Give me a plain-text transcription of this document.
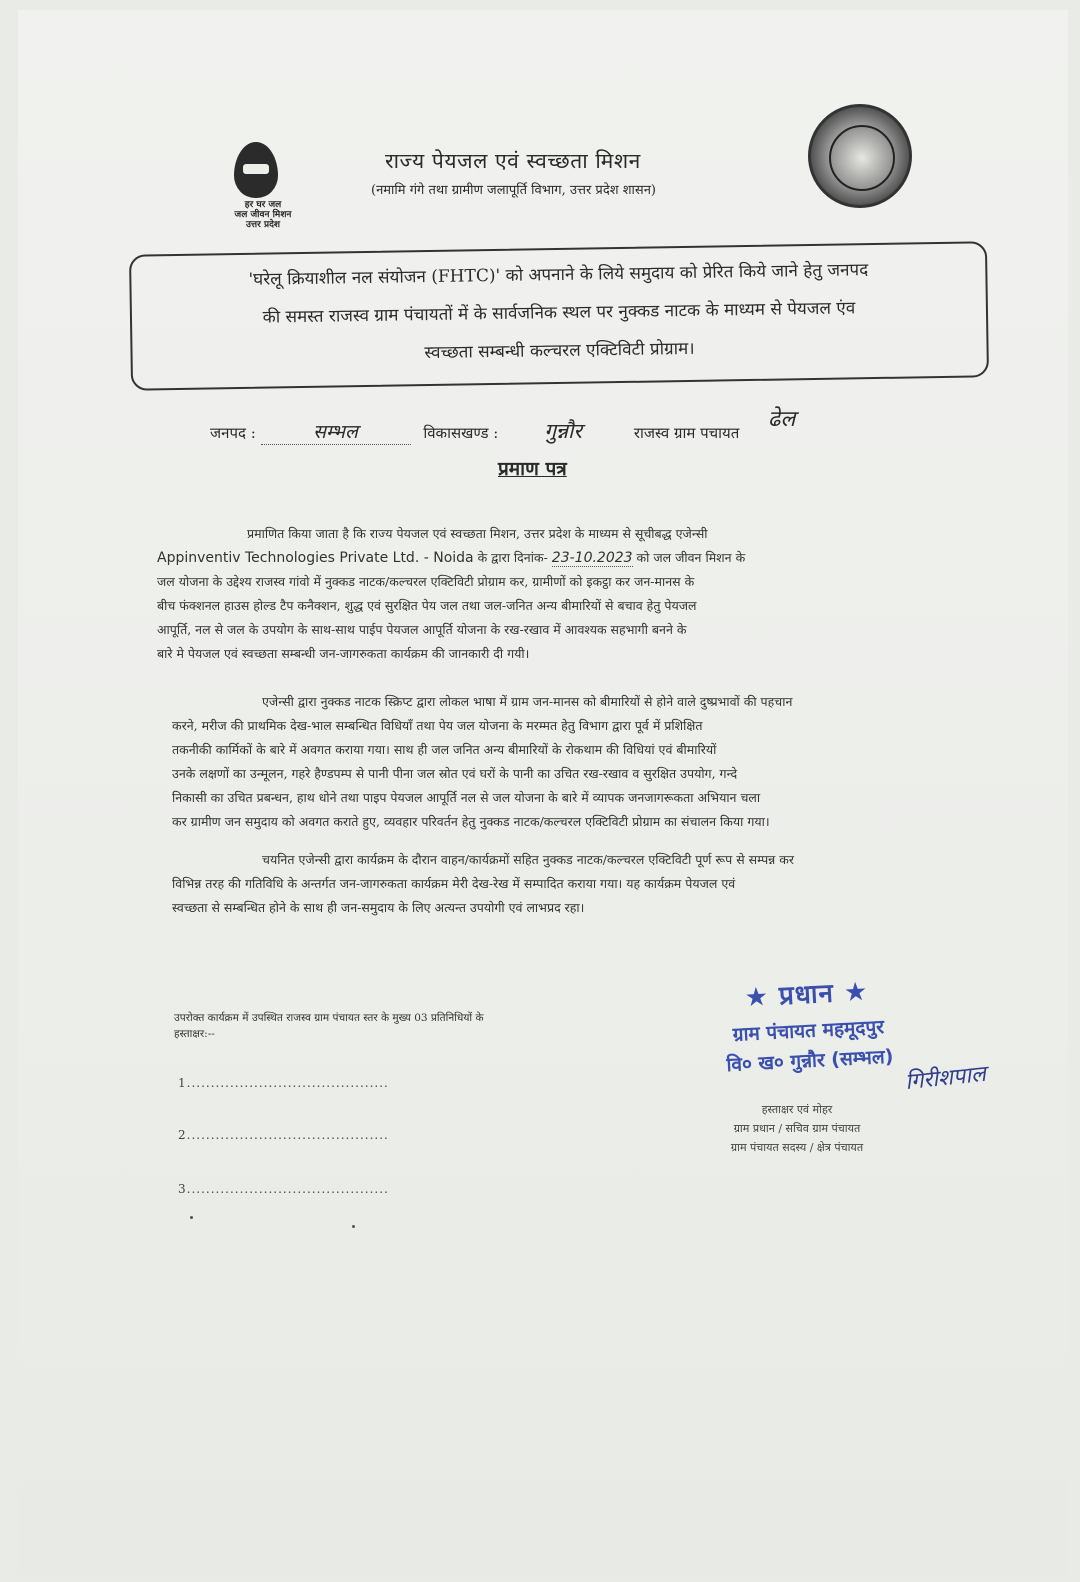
हर घर जल
जल जीवन मिशन
उत्तर प्रदेश
राज्य पेयजल एवं स्वच्छता मिशन
(नमामि गंगे तथा ग्रामीण जलापूर्ति विभाग, उत्तर प्रदेश शासन)
'घरेलू क्रियाशील नल संयोजन (FHTC)' को अपनाने के लिये समुदाय को प्रेरित किये जाने हेतु जनपद
की समस्त राजस्व ग्राम पंचायतों में के सार्वजनिक स्थल पर नुक्कड नाटक के माध्यम से पेयजल एंव
स्वच्छता सम्बन्धी कल्चरल एक्टिविटी प्रोग्राम।
जनपद :	सम्भल	विकासखण्ड : गुन्नौर	राजस्व ग्राम पचायत ढेल
प्रमाण पत्र
प्रमाणित किया जाता है कि राज्य पेयजल एवं स्वच्छता मिशन, उत्तर प्रदेश के माध्यम से सूचीबद्ध एजेन्सी
Appinventiv Technologies Private Ltd. - Noida के द्वारा दिनांक- 23-10.2023 को जल जीवन मिशन के
जल योजना के उद्देश्य राजस्व गांवो में नुक्कड नाटक/कल्चरल एक्टिविटी प्रोग्राम कर, ग्रामीणों को इकट्ठा कर जन-मानस के
बीच फंक्शनल हाउस होल्ड टैप कनैक्शन, शुद्ध एवं सुरक्षित पेय जल तथा जल-जनित अन्य बीमारियों से बचाव हेतु पेयजल
आपूर्ति, नल से जल के उपयोग के साथ-साथ पाईप पेयजल आपूर्ति योजना के रख-रखाव में आवश्यक सहभागी बनने के
बारे मे पेयजल एवं स्वच्छता सम्बन्धी जन-जागरुकता कार्यक्रम की जानकारी दी गयी।
एजेन्सी द्वारा नुक्कड नाटक स्क्रिप्ट द्वारा लोकल भाषा में ग्राम जन-मानस को बीमारियों से होने वाले दुष्प्रभावों की पहचान
करने, मरीज की प्राथमिक देख-भाल सम्बन्धित विधियाँ तथा पेय जल योजना के मरम्मत हेतु विभाग द्वारा पूर्व में प्रशिक्षित
तकनीकी कार्मिकों के बारे में अवगत कराया गया। साथ ही जल जनित अन्य बीमारियों के रोकथाम की विधियां एवं बीमारियों
उनके लक्षणों का उन्मूलन, गहरे हैण्डपम्प से पानी पीना जल स्रोत एवं घरों के पानी का उचित रख-रखाव व सुरक्षित उपयोग, गन्दे
निकासी का उचित प्रबन्धन, हाथ धोने तथा पाइप पेयजल आपूर्ति नल से जल योजना के बारे में व्यापक जनजागरूकता अभियान चला
कर ग्रामीण जन समुदाय को अवगत कराते हुए, व्यवहार परिवर्तन हेतु नुक्कड नाटक/कल्चरल एक्टिविटी प्रोग्राम का संचालन किया गया।
चयनित एजेन्सी द्वारा कार्यक्रम के दौरान वाहन/कार्यक्रमों सहित नुक्कड नाटक/कल्चरल एक्टिविटी पूर्ण रूप से सम्पन्न कर
विभिन्न तरह की गतिविधि के अन्तर्गत जन-जागरुकता कार्यक्रम मेरी देख-रेख में सम्पादित कराया गया। यह कार्यक्रम पेयजल एवं
स्वच्छता से सम्बन्धित होने के साथ ही जन-समुदाय के लिए अत्यन्त उपयोगी एवं लाभप्रद रहा।
उपरोक्त कार्यक्रम में उपस्थित राजस्व ग्राम पंचायत स्तर के मुख्य 03 प्रतिनिधियों के
हस्ताक्षर:--
1..........................................
2..........................................
3..........................................
★ प्रधान ★
ग्राम पंचायत महमूदपुर
वि० ख० गुन्नौर (सम्भल)
गिरीशपाल
हस्ताक्षर एवं मोहर
ग्राम प्रधान / सचिव ग्राम पंचायत
ग्राम पंचायत सदस्य / क्षेत्र पंचायत
